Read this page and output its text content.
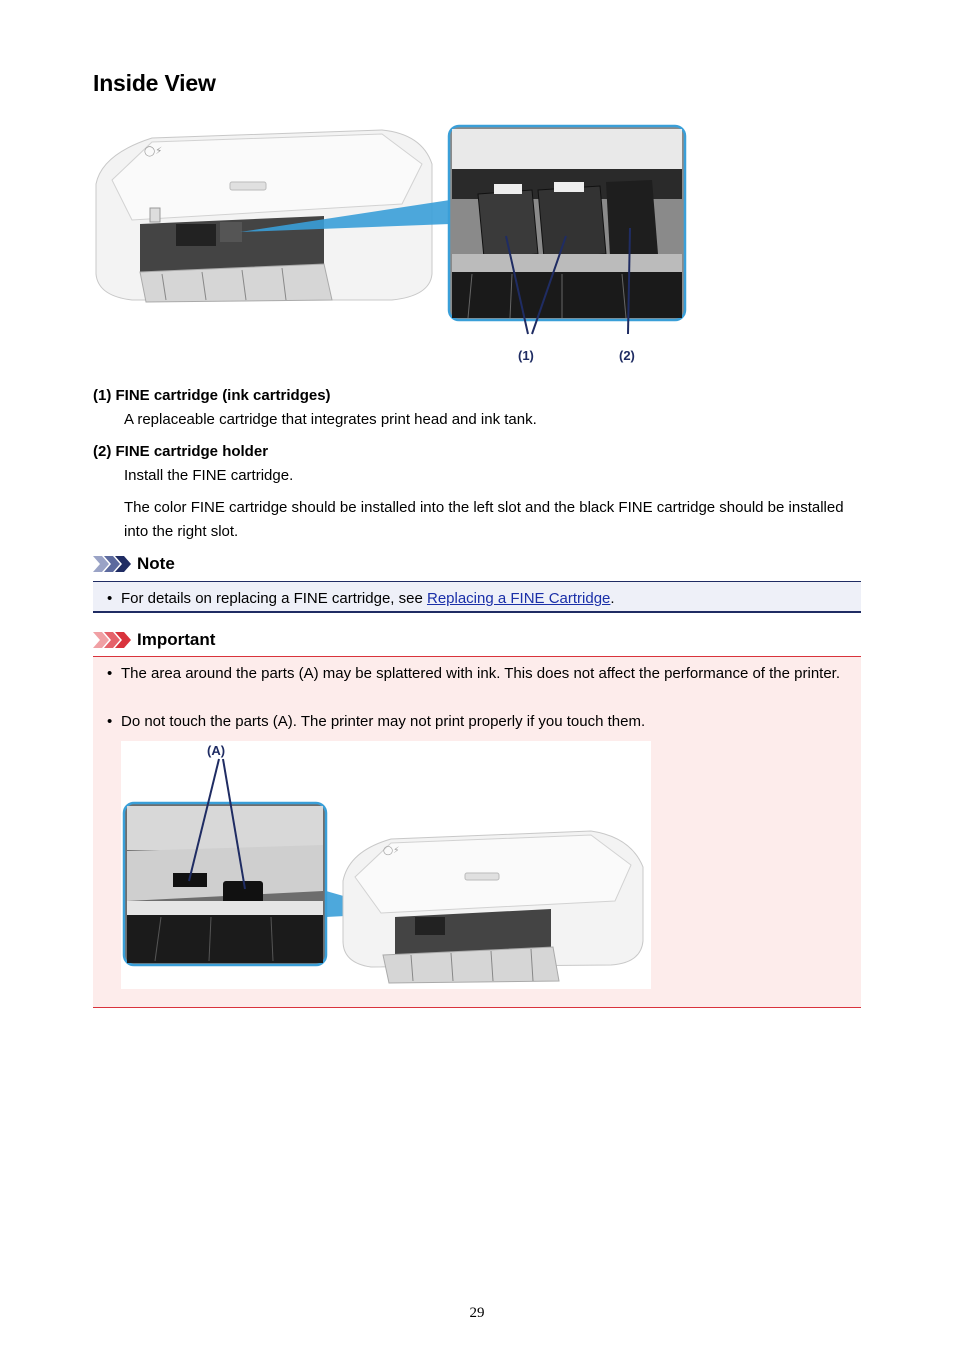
Inside View
◯⚡
(1)	(2)

(1) FINE cartridge (ink cartridges)

A replaceable cartridge that integrates print head and ink tank.

(2) FINE cartridge holder

Install the FINE cartridge.

The color FINE cartridge should be installed into the left slot and the black FINE cartridge should be installed into the right slot.

Note
• For details on replacing a FINE cartridge, see Replacing a FINE Cartridge.
Important
• The area around the parts (A) may be splattered with ink. This does not affect the performance of the printer.
• Do not touch the parts (A). The printer may not print properly if you touch them.
(A)
◯⚡
29
